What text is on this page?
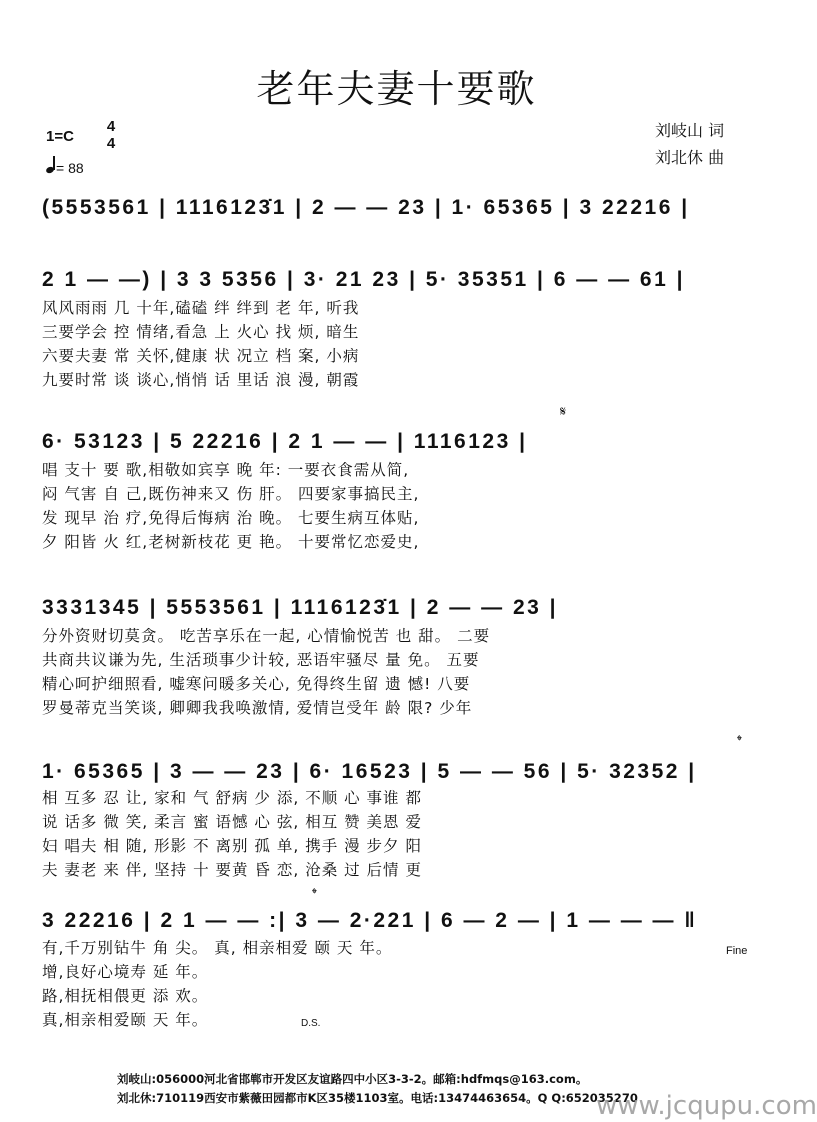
老年夫妻十要歌
1=C
4
4
= 88
刘岐山 词
刘北休 曲
(5553561 | 1116123̇1 | 2 — — 23 | 1· 65365 | 3 22216 |
2 1 — —) | 3 3 5356 | 3· 21 23 | 5· 35351 | 6 — — 61 |
风风雨雨 几 十年,磕磕 绊 绊到 老 年, 听我
三要学会 控 情绪,看急 上 火心 找 烦, 暗生
六要夫妻 常 关怀,健康 状 况立 档 案, 小病
九要时常 谈 谈心,悄悄 话 里话 浪 漫, 朝霞
𝄋
6· 53123 | 5 22216 | 2 1 — — | 1116123 |
唱 支十 要 歌,相敬如宾享 晚 年: 一要衣食需从简,
闷 气害 自 己,既伤神来又 伤 肝。 四要家事搞民主,
发 现早 治 疗,免得后悔病 治 晚。 七要生病互体贴,
夕 阳皆 火 红,老树新枝花 更 艳。 十要常忆恋爱史,
3331345 | 5553561 | 1116123̇1 | 2 — — 23 |
分外资财切莫贪。 吃苦享乐在一起, 心情愉悦苦 也 甜。 二要
共商共议谦为先, 生活琐事少计较, 恶语牢骚尽 量 免。 五要
精心呵护细照看, 嘘寒问暖多关心, 免得终生留 遗 憾! 八要
罗曼蒂克当笑谈, 卿卿我我唤激情, 爱情岂受年 龄 限? 少年
𝄌
1· 65365 | 3 — — 23 | 6· 16523 | 5 — — 56 | 5· 32352 |
相 互多 忍 让, 家和 气 舒病 少 添, 不顺 心 事谁 都
说 话多 微 笑, 柔言 蜜 语憾 心 弦, 相互 赞 美恩 爱
妇 唱夫 相 随, 形影 不 离别 孤 单, 携手 漫 步夕 阳
夫 妻老 来 伴, 坚持 十 要黄 昏 恋, 沧桑 过 后情 更
𝄌
3 22216 | 2 1 — — :| 3 — 2·221 | 6 — 2 — | 1 — — — ‖
有,千万别钻牛 角 尖。 真, 相亲相爱 颐 天 年。
增,良好心境寿 延 年。
路,相抚相偎更 添 欢。
真,相亲相爱颐 天 年。
Fine
D.S.
刘岐山:056000河北省邯郸市开发区友谊路四中小区3-3-2。邮箱:hdfmqs@163.com。
刘北休:710119西安市紫薇田园都市K区35楼1103室。电话:13474463654。Q Q:652035270
www.jcqupu.com
